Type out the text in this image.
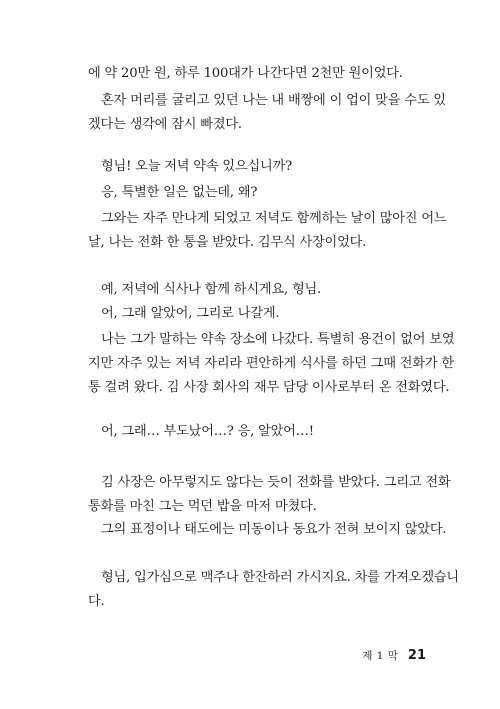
에 약 20만 원, 하루 100대가 나간다면 2천만 원이었다.

혼자 머리를 굴리고 있던 나는 내 배짱에 이 업이 맞을 수도 있
겠다는 생각에 잠시 빠졌다.

형님! 오늘 저녁 약속 있으십니까?

응, 특별한 일은 없는데, 왜?

그와는 자주 만나게 되었고 저녁도 함께하는 날이 많아진 어느
날, 나는 전화 한 통을 받았다. 김무식 사장이었다.

예, 저녁에 식사나 함께 하시게요, 형님.

어, 그래 알았어, 그리로 나갈게.

나는 그가 말하는 약속 장소에 나갔다. 특별히 용건이 없어 보였
지만 자주 있는 저녁 자리라 편안하게 식사를 하던 그때 전화가 한
통 걸려 왔다. 김 사장 회사의 재무 담당 이사로부터 온 전화였다.

어, 그래… 부도났어…? 응, 알았어…!

김 사장은 아무렇지도 않다는 듯이 전화를 받았다. 그리고 전화
통화를 마친 그는 먹던 밥을 마저 마쳤다.

그의 표정이나 태도에는 미동이나 동요가 전혀 보이지 않았다.

형님, 입가심으로 맥주나 한잔하러 가시지요. 차를 가져오겠습니
다.

제 1 막 21
